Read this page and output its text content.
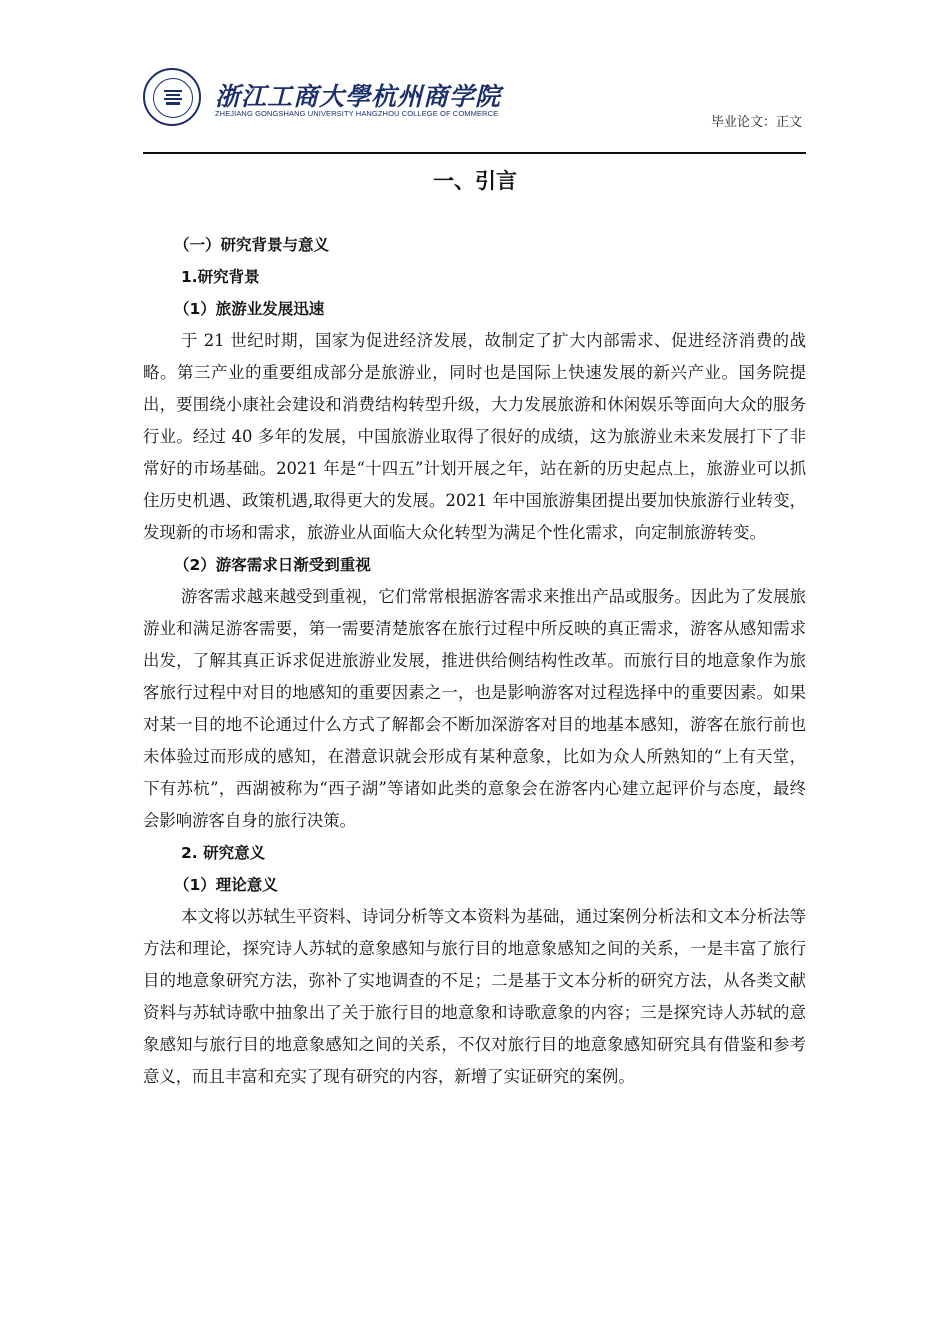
浙江工商大學杭州商学院
ZHEJIANG GONGSHANG UNIVERSITY HANGZHOU COLLEGE OF COMMERCE
毕业论文：正文
一、引言
（一）研究背景与意义
1.研究背景
（1）旅游业发展迅速

于 21 世纪时期，国家为促进经济发展，故制定了扩大内部需求、促进经济消费的战略。第三产业的重要组成部分是旅游业，同时也是国际上快速发展的新兴产业。国务院提出，要围绕小康社会建设和消费结构转型升级，大力发展旅游和休闲娱乐等面向大众的服务行业。经过 40 多年的发展，中国旅游业取得了很好的成绩，这为旅游业未来发展打下了非常好的市场基础。2021 年是“十四五”计划开展之年，站在新的历史起点上，旅游业可以抓住历史机遇、政策机遇,取得更大的发展。2021 年中国旅游集团提出要加快旅游行业转变，发现新的市场和需求，旅游业从面临大众化转型为满足个性化需求，向定制旅游转变。

（2）游客需求日渐受到重视

游客需求越来越受到重视，它们常常根据游客需求来推出产品或服务。因此为了发展旅游业和满足游客需要，第一需要清楚旅客在旅行过程中所反映的真正需求，游客从感知需求出发，了解其真正诉求促进旅游业发展，推进供给侧结构性改革。而旅行目的地意象作为旅客旅行过程中对目的地感知的重要因素之一，也是影响游客对过程选择中的重要因素。如果对某一目的地不论通过什么方式了解都会不断加深游客对目的地基本感知，游客在旅行前也未体验过而形成的感知，在潜意识就会形成有某种意象，比如为众人所熟知的“上有天堂，下有苏杭”，西湖被称为“西子湖”等诸如此类的意象会在游客内心建立起评价与态度，最终会影响游客自身的旅行决策。

2. 研究意义
（1）理论意义

本文将以苏轼生平资料、诗词分析等文本资料为基础，通过案例分析法和文本分析法等方法和理论，探究诗人苏轼的意象感知与旅行目的地意象感知之间的关系，一是丰富了旅行目的地意象研究方法，弥补了实地调查的不足；二是基于文本分析的研究方法，从各类文献资料与苏轼诗歌中抽象出了关于旅行目的地意象和诗歌意象的内容；三是探究诗人苏轼的意象感知与旅行目的地意象感知之间的关系，不仅对旅行目的地意象感知研究具有借鉴和参考意义，而且丰富和充实了现有研究的内容，新增了实证研究的案例。
